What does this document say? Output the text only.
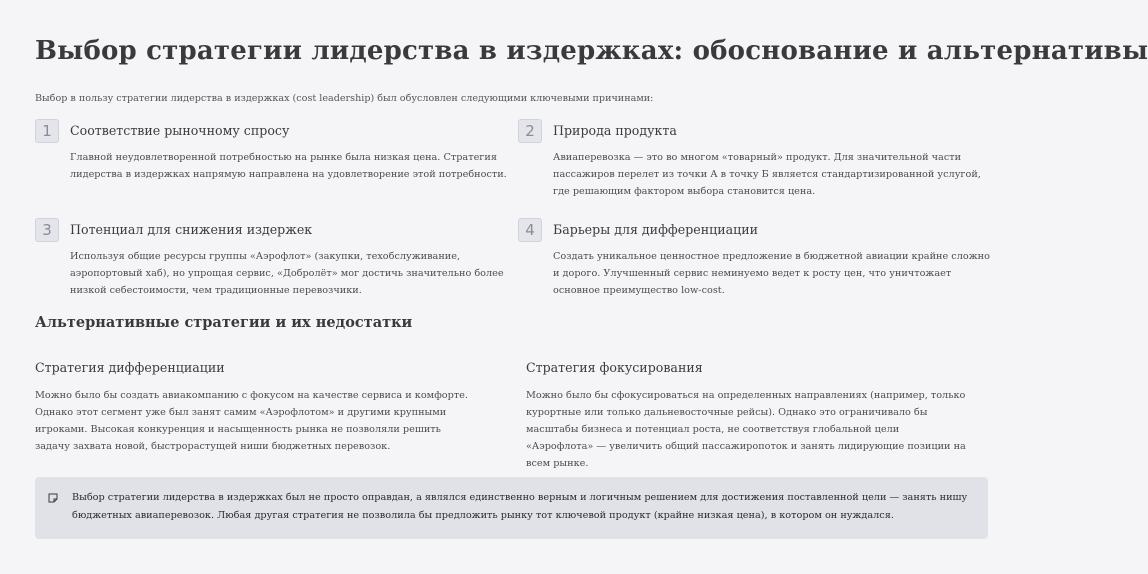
Выбор стратегии лидерства в издержках: обоснование и альтернативы

Выбор в пользу стратегии лидерства в издержках (cost leadership) был обусловлен следующими ключевыми причинами:

1	Соответствие рыночному спросу
Главной неудовлетворенной потребностью на рынке была низкая цена. Стратегия лидерства в издержках напрямую направлена на удовлетворение этой потребности.
2	Природа продукта
Авиаперевозка — это во многом «товарный» продукт. Для значительной части пассажиров перелет из точки А в точку Б является стандартизированной услугой, где решающим фактором выбора становится цена.
3	Потенциал для снижения издержек
Используя общие ресурсы группы «Аэрофлот» (закупки, техобслуживание, аэропортовый хаб), но упрощая сервис, «Добролёт» мог достичь значительно более низкой себестоимости, чем традиционные перевозчики.
4	Барьеры для дифференциации
Создать уникальное ценностное предложение в бюджетной авиации крайне сложно и дорого. Улучшенный сервис неминуемо ведет к росту цен, что уничтожает основное преимущество low-cost.
Альтернативные стратегии и их недостатки
Стратегия дифференциации
Можно было бы создать авиакомпанию с фокусом на качестве сервиса и комфорте. Однако этот сегмент уже был занят самим «Аэрофлотом» и другими крупными игроками. Высокая конкуренция и насыщенность рынка не позволяли решить задачу захвата новой, быстрорастущей ниши бюджетных перевозок.
Стратегия фокусирования
Можно было бы сфокусироваться на определенных направлениях (например, только курортные или только дальневосточные рейсы). Однако это ограничивало бы масштабы бизнеса и потенциал роста, не соответствуя глобальной цели «Аэрофлота» — увеличить общий пассажиропоток и занять лидирующие позиции на всем рынке.
Выбор стратегии лидерства в издержках был не просто оправдан, а являлся единственно верным и логичным решением для достижения поставленной цели — занять нишу бюджетных авиаперевозок. Любая другая стратегия не позволила бы предложить рынку тот ключевой продукт (крайне низкая цена), в котором он нуждался.
